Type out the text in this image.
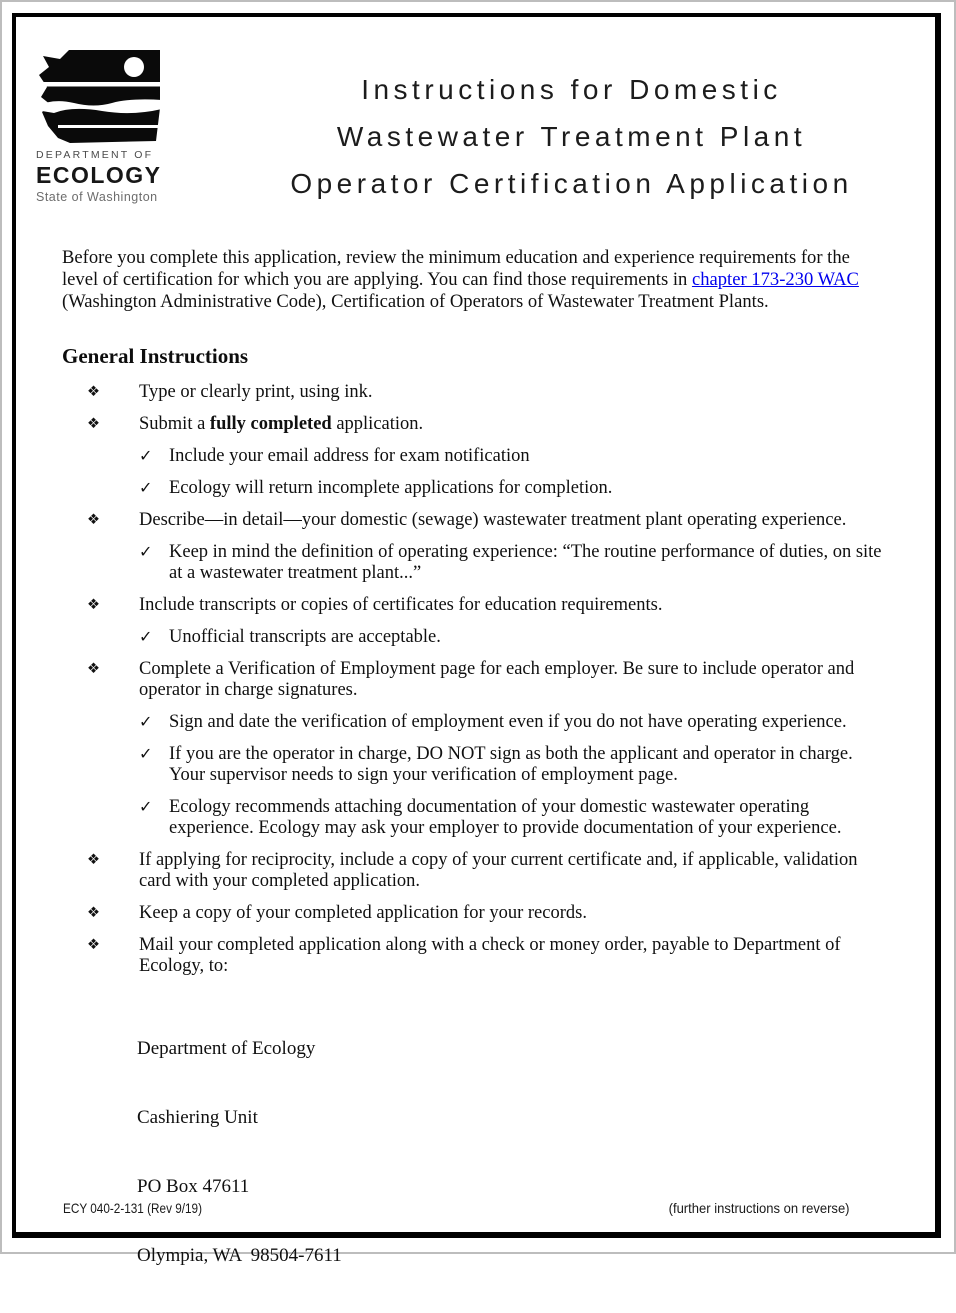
DEPARTMENT OF
ECOLOGY
State of Washington
Instructions for Domestic
Wastewater Treatment Plant
Operator Certification Application

Before you complete this application, review the minimum education and experience requirements for the level of certification for which you are applying. You can find those requirements in chapter 173-230 WAC (Washington Administrative Code), Certification of Operators of Wastewater Treatment Plants.

General Instructions
❖	Type or clearly print, using ink.
❖	Submit a fully completed application.
✓ Include your email address for exam notification
✓ Ecology will return incomplete applications for completion.
❖	Describe—in detail—your domestic (sewage) wastewater treatment plant operating experience.
✓ Keep in mind the definition of operating experience: “The routine performance of duties, on site at a wastewater treatment plant...”
❖	Include transcripts or copies of certificates for education requirements.
✓ Unofficial transcripts are acceptable.
❖	Complete a Verification of Employment page for each employer. Be sure to include operator and operator in charge signatures.
✓ Sign and date the verification of employment even if you do not have operating experience.
✓ If you are the operator in charge, DO NOT sign as both the applicant and operator in charge. Your supervisor needs to sign your verification of employment page.
✓ Ecology recommends attaching documentation of your domestic wastewater operating experience. Ecology may ask your employer to provide documentation of your experience.
❖	If applying for reciprocity, include a copy of your current certificate and, if applicable, validation card with your completed application.
❖	Keep a copy of your completed application for your records.
❖	Mail your completed application along with a check or money order, payable to Department of Ecology, to:

Department of Ecology

Cashiering Unit

PO Box 47611

Olympia, WA  98504-7611

ECY 040-2-131 (Rev 9/19)	(further instructions on reverse)
